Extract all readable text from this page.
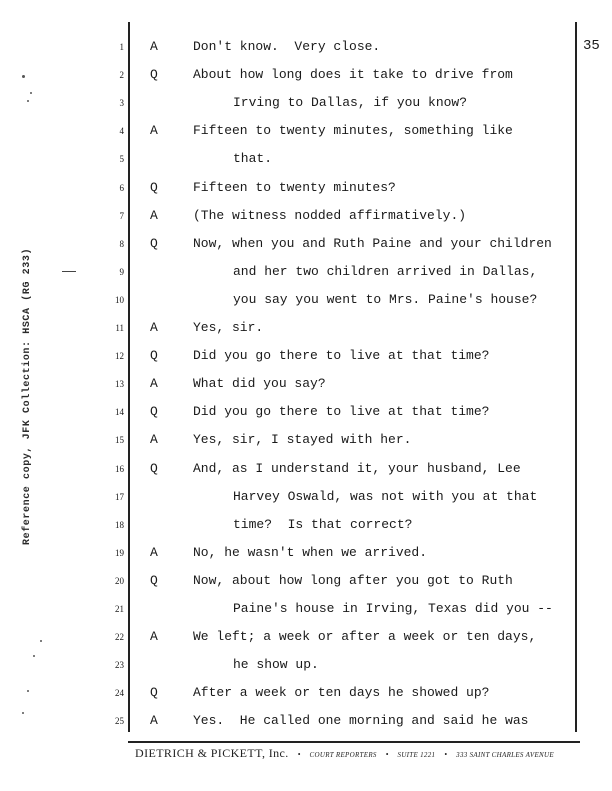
Reference copy, JFK Collection: HSCA (RG 233)
35
1 A	Don't know.  Very close.
2 Q	About how long does it take to drive from
3	Irving to Dallas, if you know?
4 A	Fifteen to twenty minutes, something like
5	that.
6 Q	Fifteen to twenty minutes?
7 A	(The witness nodded affirmatively.)
8 Q	Now, when you and Ruth Paine and your children
9	and her two children arrived in Dallas,
10	you say you went to Mrs. Paine's house?
11 A	Yes, sir.
12 Q	Did you go there to live at that time?
13 A	What did you say?
14 Q	Did you go there to live at that time?
15 A	Yes, sir, I stayed with her.
16 Q	And, as I understand it, your husband, Lee
17	Harvey Oswald, was not with you at that
18	time?  Is that correct?
19 A	No, he wasn't when we arrived.
20 Q	Now, about how long after you got to Ruth
21	Paine's house in Irving, Texas did you --
22 A	We left; a week or after a week or ten days,
23	he show up.
24 Q	After a week or ten days he showed up?
25 A	Yes.  He called one morning and said he was
DIETRICH & PICKETT, Inc. • COURT REPORTERS • SUITE 1221 • 333 SAINT CHARLES AVENUE
